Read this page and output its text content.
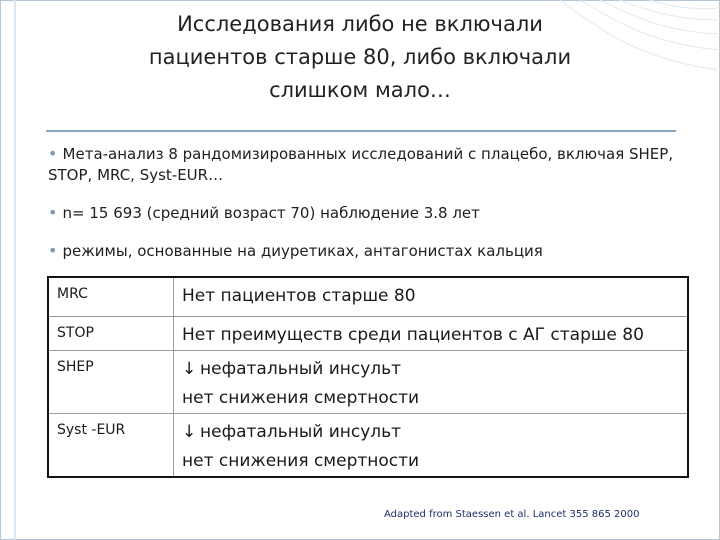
Исследования либо не включали
пациентов старше 80, либо включали
слишком мало…
• Мета-анализ 8 рандомизированных исследований с плацебо, включая SHEP,
STOP, MRC, Syst-EUR…
• n= 15 693 (средний возраст 70) наблюдение 3.8 лет
• режимы, основанные на диуретиках, антагонистах кальция
MRC	Нет пациентов старше 80

STOP	Нет преимуществ среди пациентов с АГ старше 80

SHEP	↓ нефатальный инсульт
нет снижения смертности

Syst -EUR	↓ нефатальный инсульт
нет снижения смертности
Adapted from Staessen et al. Lancet 355 865 2000
